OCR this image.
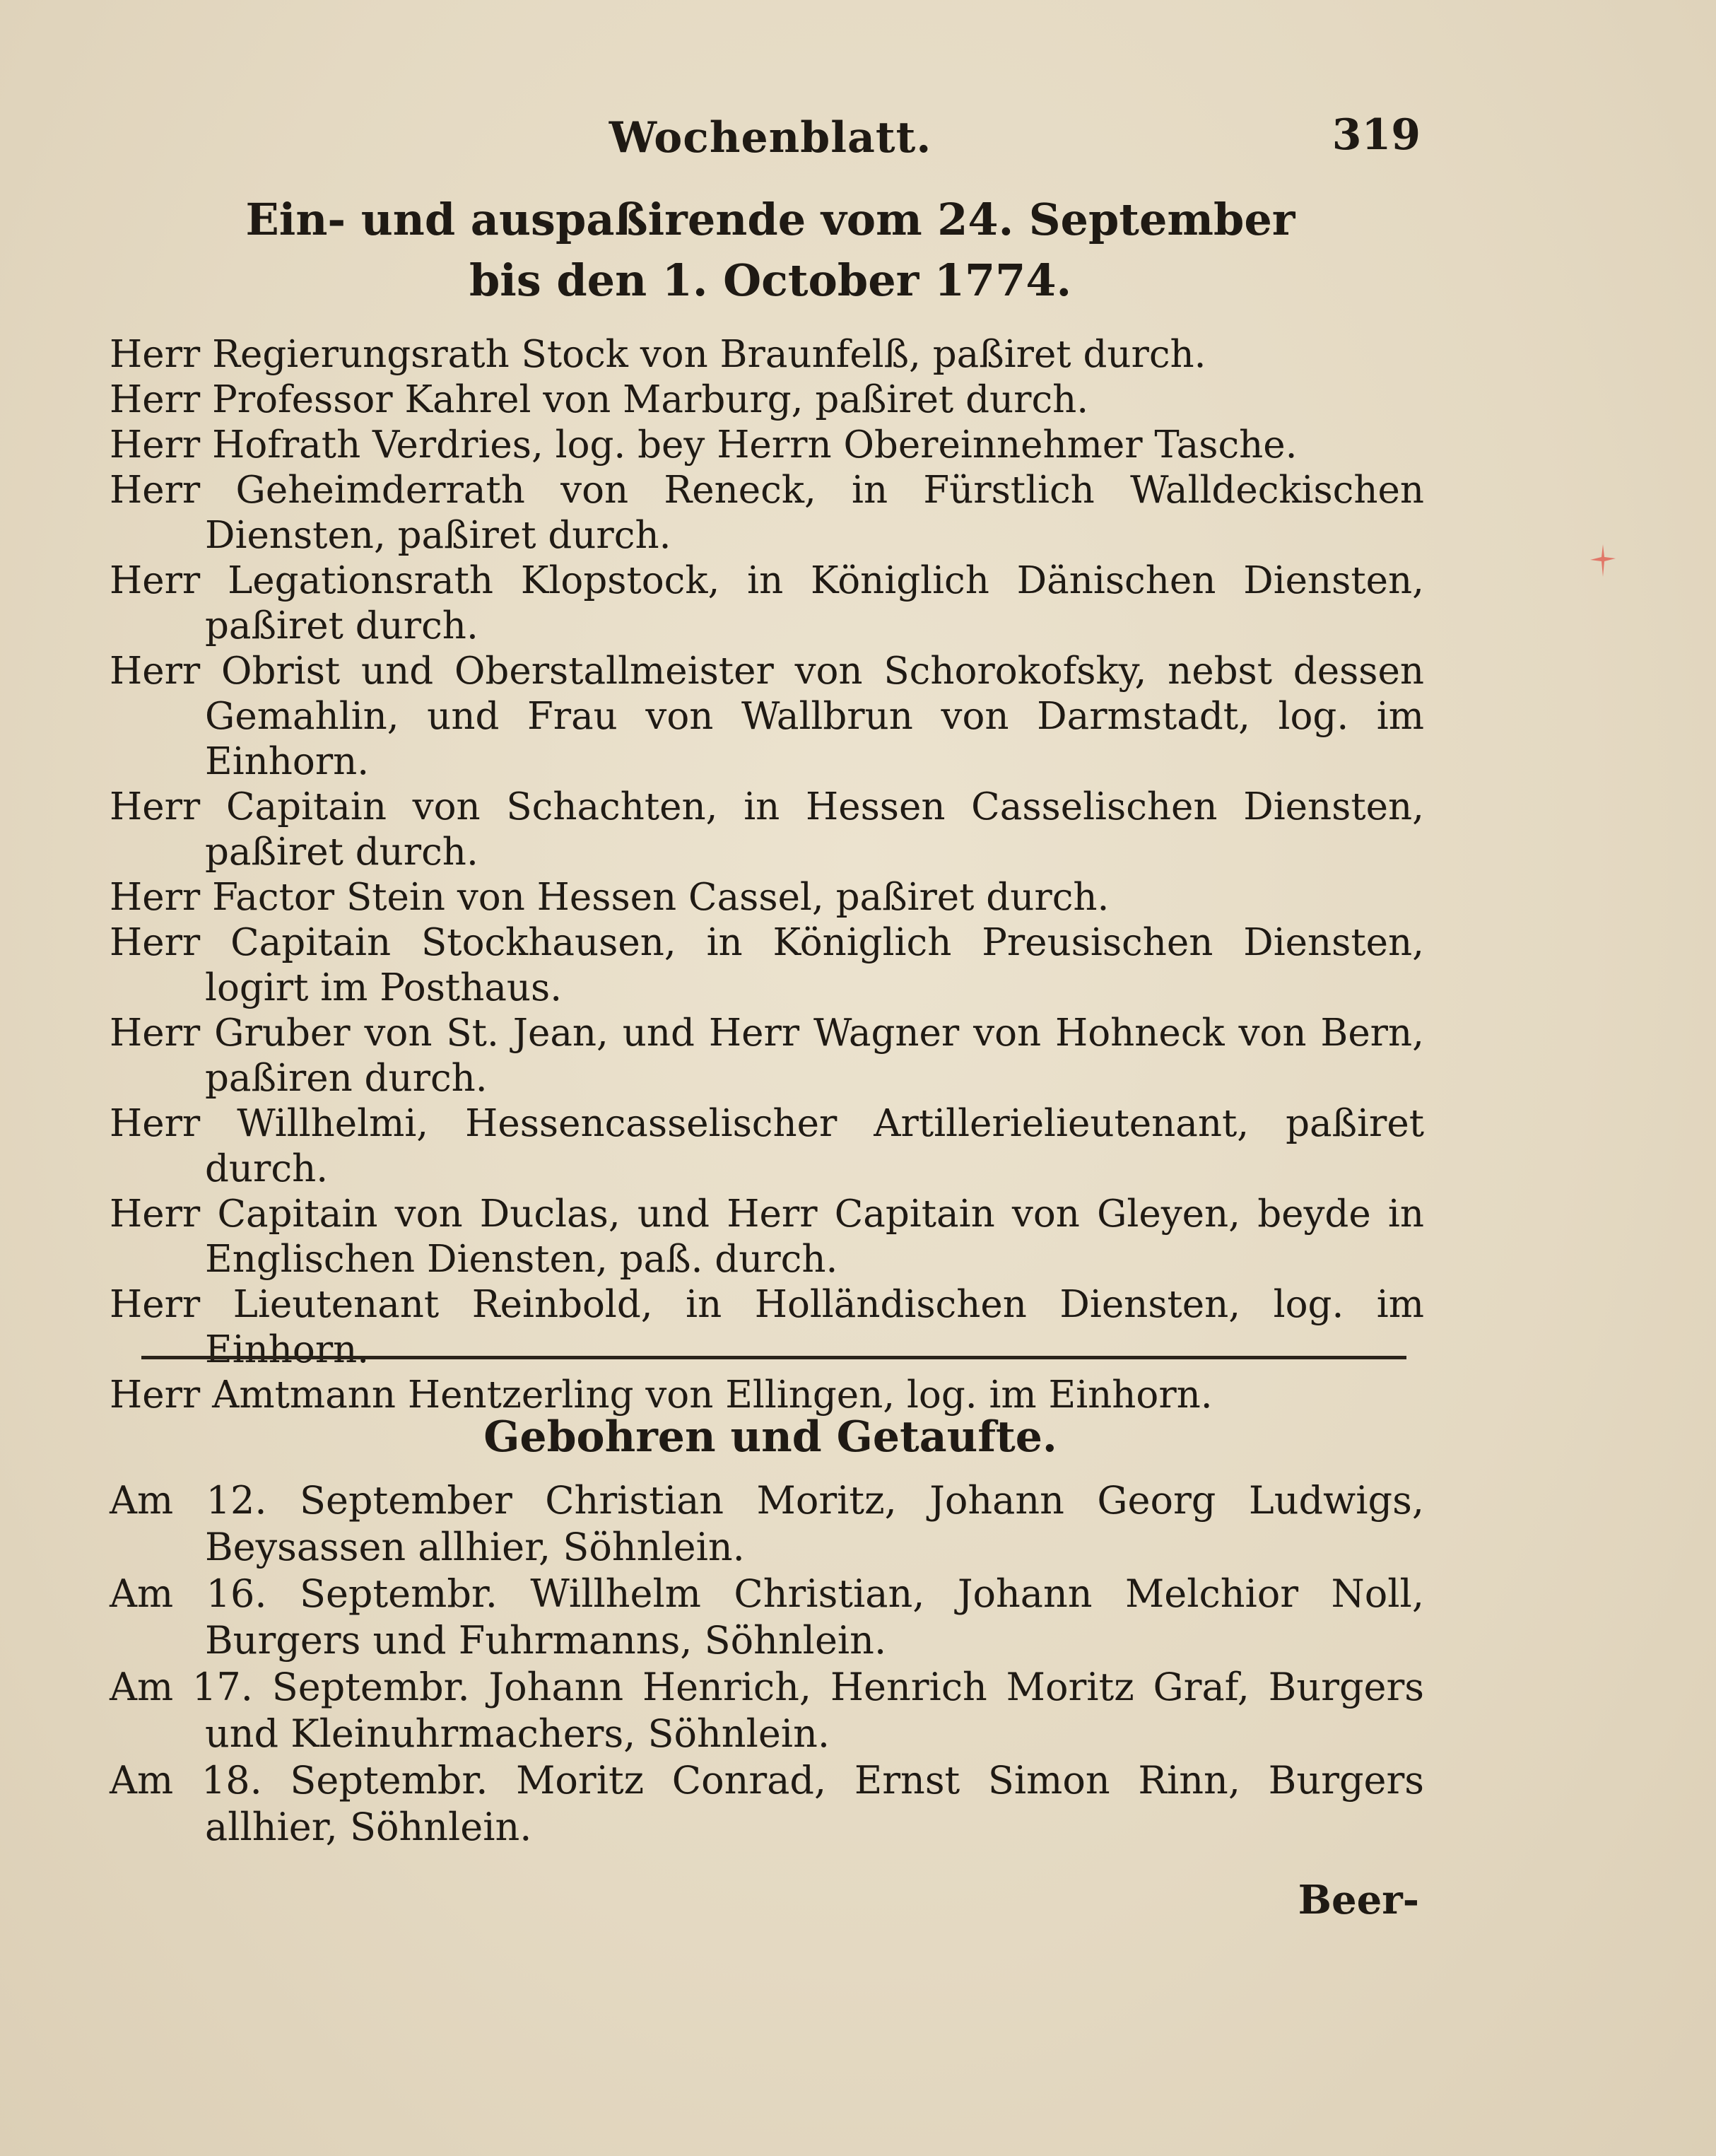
Wochenblatt.	319
Ein- und auspaßirende vom 24. September bis den 1. October 1774.

Herr Regierungsrath Stock von Braunfelß, paßiret durch.

Herr Professor Kahrel von Marburg, paßiret durch.

Herr Hofrath Verdries, log. bey Herrn Obereinnehmer Tasche.

Herr Geheimderrath von Reneck, in Fürstlich Walldeckischen Diensten, paßiret durch.

Herr Legationsrath Klopstock, in Königlich Dänischen Diensten, paßiret durch.

Herr Obrist und Oberstallmeister von Schorokofsky, nebst dessen Gemahlin, und Frau von Wallbrun von Darmstadt, log. im Einhorn.

Herr Capitain von Schachten, in Hessen Casselischen Diensten, paßiret durch.

Herr Factor Stein von Hessen Cassel, paßiret durch.

Herr Capitain Stockhausen, in Königlich Preusischen Diensten, logirt im Posthaus.

Herr Gruber von St. Jean, und Herr Wagner von Hohneck von Bern, paßiren durch.

Herr Willhelmi, Hessencasselischer Artillerielieutenant, paßiret durch.

Herr Capitain von Duclas, und Herr Capitain von Gleyen, beyde in Englischen Diensten, paß. durch.

Herr Lieutenant Reinbold, in Holländischen Diensten, log. im Einhorn.

Herr Amtmann Hentzerling von Ellingen, log. im Einhorn.

Gebohren und Getaufte.

Am 12. September Christian Moritz, Johann Georg Ludwigs, Beysassen allhier, Söhnlein.

Am 16. Septembr. Willhelm Christian, Johann Melchior Noll, Burgers und Fuhrmanns, Söhnlein.

Am 17. Septembr. Johann Henrich, Henrich Moritz Graf, Burgers und Kleinuhrmachers, Söhnlein.

Am 18. Septembr. Moritz Conrad, Ernst Simon Rinn, Burgers allhier, Söhnlein.

Beer-
